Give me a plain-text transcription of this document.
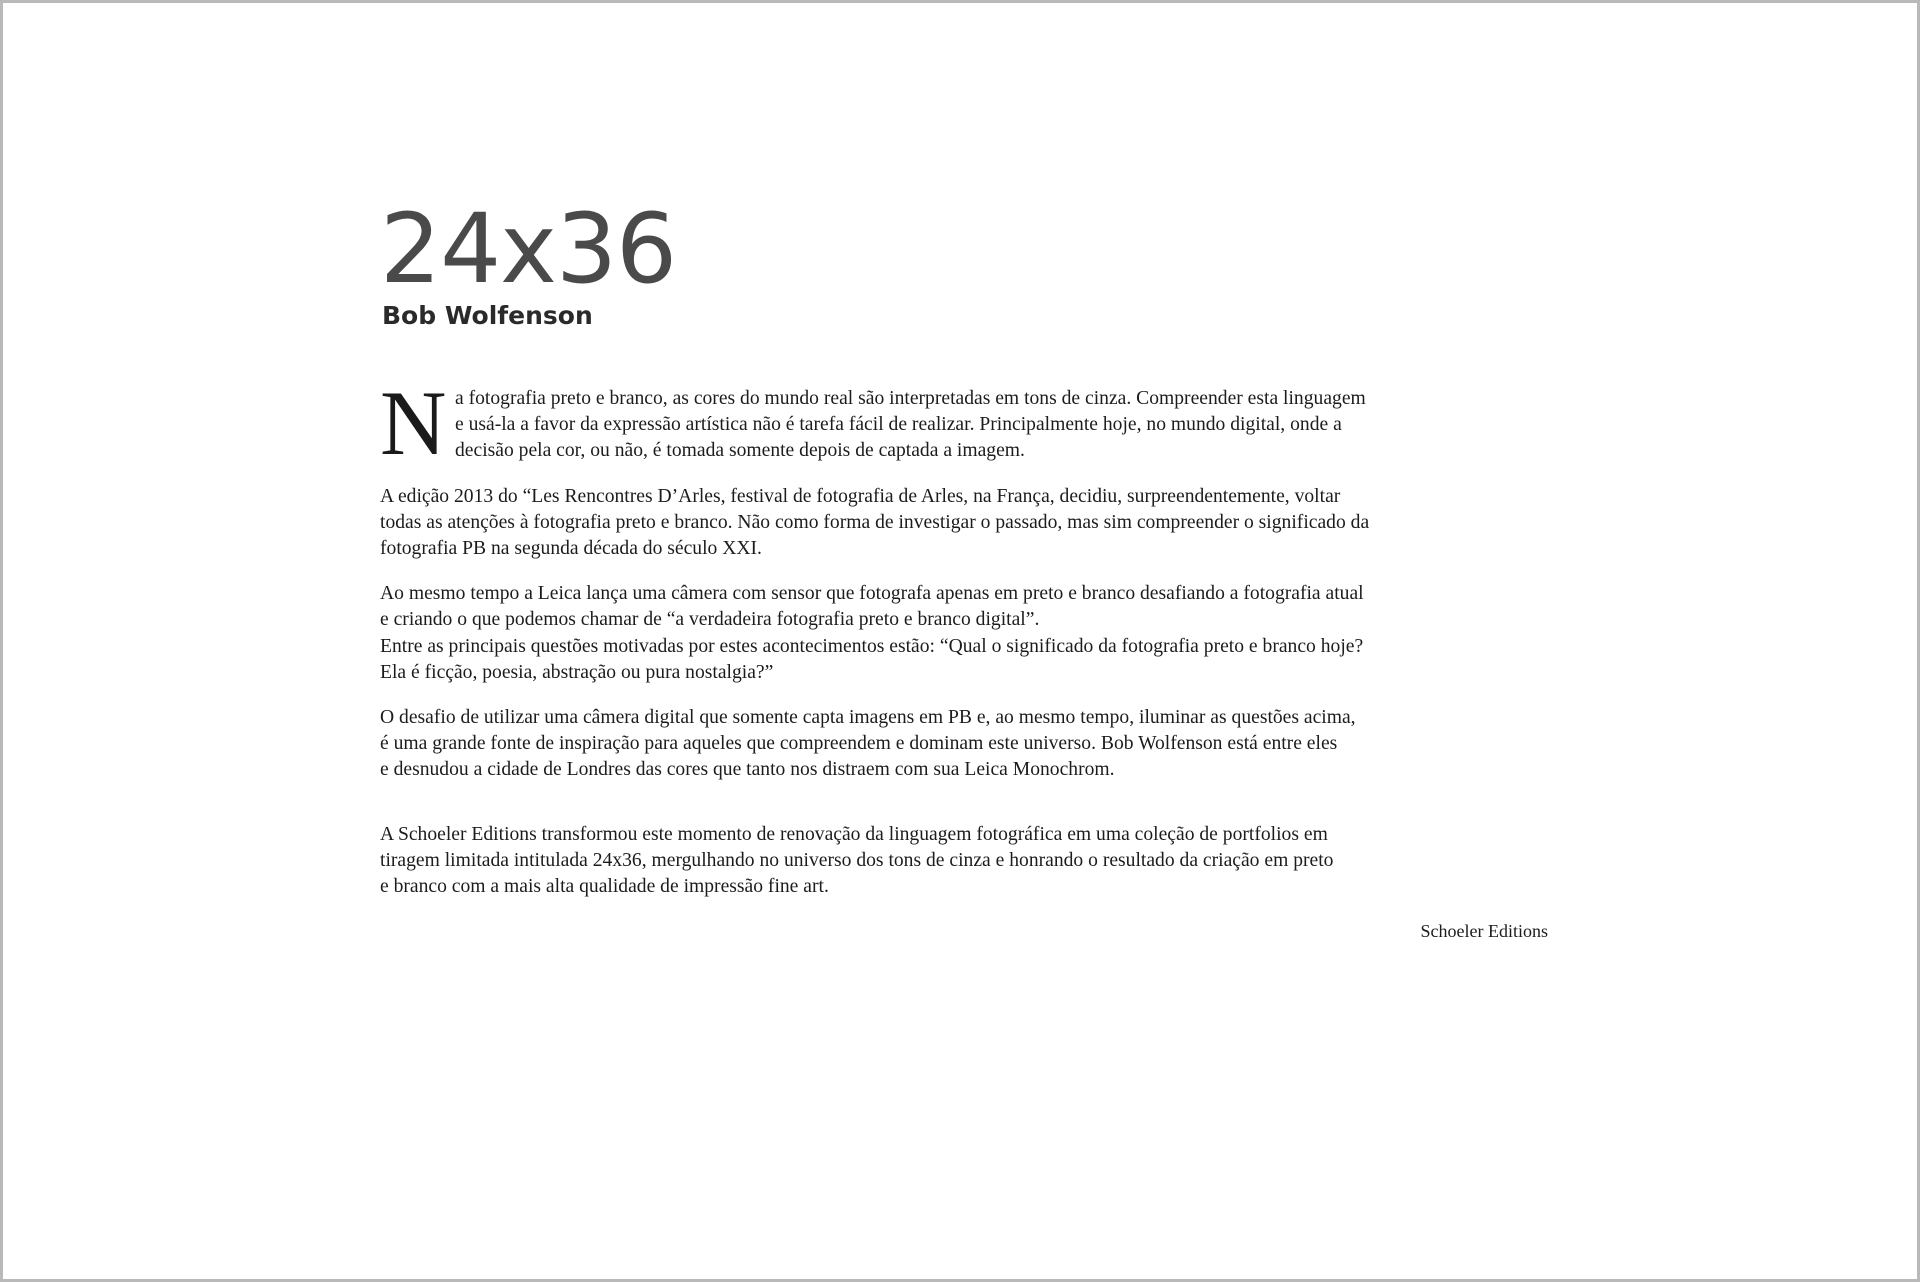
24x36
Bob Wolfenson

N a fotografia preto e branco, as cores do mundo real são interpretadas em tons de cinza. Compreender esta linguagem
e usá-la a favor da expressão artística não é tarefa fácil de realizar. Principalmente hoje, no mundo digital, onde a
decisão pela cor, ou não, é tomada somente depois de captada a imagem.

A edição 2013 do “Les Rencontres D’Arles, festival de fotografia de Arles, na França, decidiu, surpreendentemente, voltar
todas as atenções à fotografia preto e branco. Não como forma de investigar o passado, mas sim compreender o significado da
fotografia PB na segunda década do século XXI.

Ao mesmo tempo a Leica lança uma câmera com sensor que fotografa apenas em preto e branco desafiando a fotografia atual
e criando o que podemos chamar de “a verdadeira fotografia preto e branco digital”.
Entre as principais questões motivadas por estes acontecimentos estão: “Qual o significado da fotografia preto e branco hoje?
Ela é ficção, poesia, abstração ou pura nostalgia?”

O desafio de utilizar uma câmera digital que somente capta imagens em PB e, ao mesmo tempo, iluminar as questões acima,
é uma grande fonte de inspiração para aqueles que compreendem e dominam este universo. Bob Wolfenson está entre eles
e desnudou a cidade de Londres das cores que tanto nos distraem com sua Leica Monochrom.

A Schoeler Editions transformou este momento de renovação da linguagem fotográfica em uma coleção de portfolios em
tiragem limitada intitulada 24x36, mergulhando no universo dos tons de cinza e honrando o resultado da criação em preto
e branco com a mais alta qualidade de impressão fine art.

Schoeler Editions
